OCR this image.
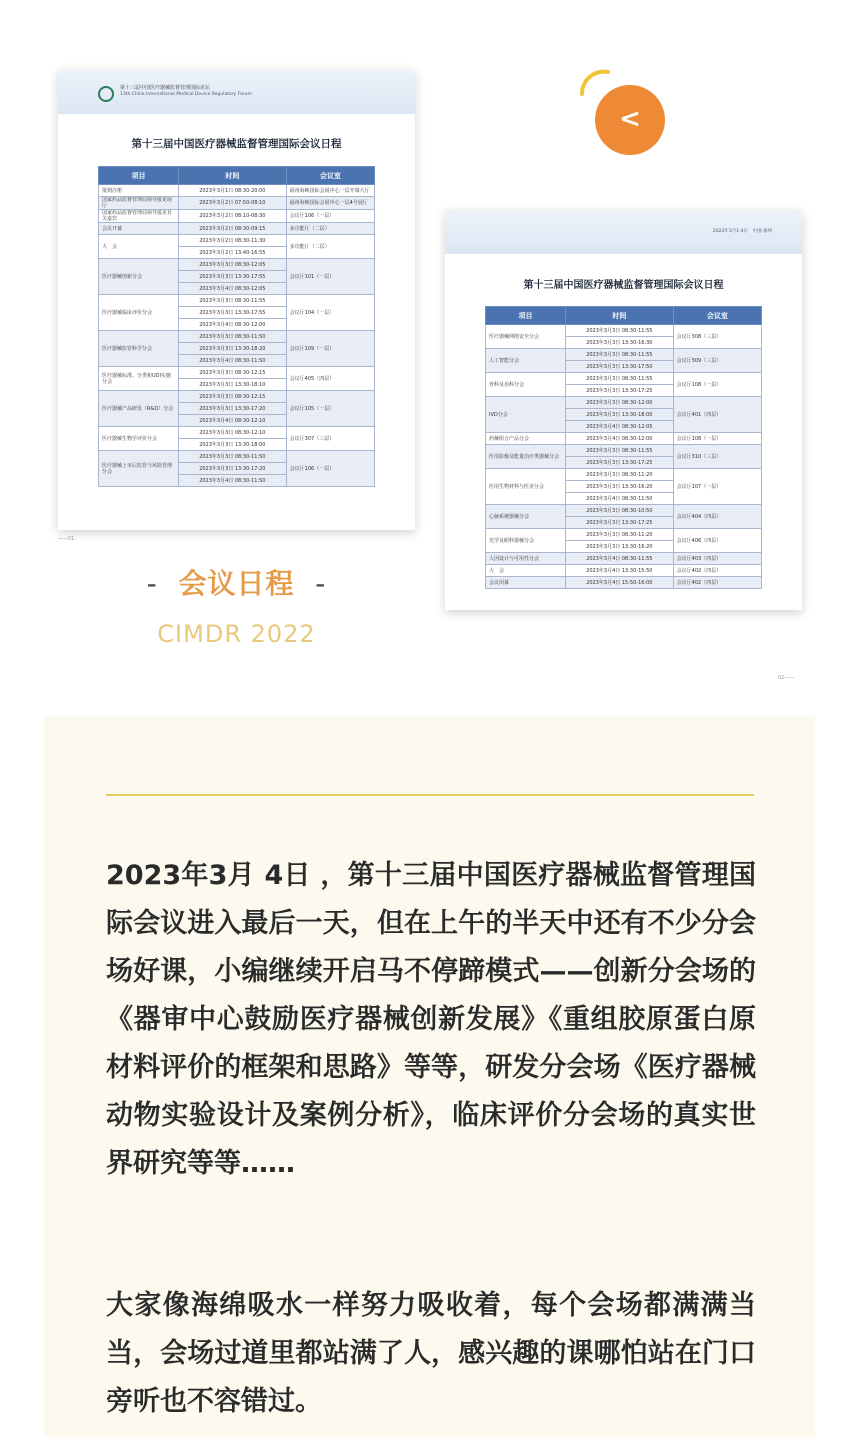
第十三届中国医疗器械监督管理国际论坛
13th China International Medical Device Regulatory Forum
第十三届中国医疗器械监督管理国际会议日程
项目	时间	会议室
报到注册	2023年3月1日 08:30-20:00	福州海峡国际会展中心一层开幕大厅
国家药品监督管理局领导接见展厅	2023年3月2日 07:50-08:10	福州海峡国际会展中心一层4号展厅
国家药品监督管理局领导接见有关嘉宾	2023年3月2日 08:10-08:30	会议厅106（一层）
会议开幕	2023年3月2日 08:30-09:15	多功能厅（二层）
大　会	2023年3月2日 08:30-11:30	多功能厅（二层）
	2023年3月2日 13:40-16:55	
医疗器械创新分会	2023年3月3日 08:30-12:05	会议厅101（一层）
	2023年3月3日 13:30-17:55	
	2023年3月4日 08:30-12:05	
医疗器械临床评价分会	2023年3月3日 08:30-11:55	会议厅104（一层）
	2023年3月3日 13:30-17:55	
	2023年3月4日 08:30-12:00	
医疗器械监管科学分会	2023年3月3日 08:30-11:50	会议厅109（一层）
	2023年3月3日 13:30-18:20	
	2023年3月4日 08:30-11:50	
医疗器械标准、分类和UDI实施分会	2023年3月3日 08:30-12:15	会议厅405（四层）
	2023年3月3日 13:30-18:10	
医疗器械产品研发（R&D）分会	2023年3月3日 08:30-12:15	会议厅105（一层）
	2023年3月3日 13:30-17:20	
	2023年3月4日 08:30-12:10	
医疗器械生物学评价分会	2023年3月3日 08:30-12:10	会议厅307（三层）
	2023年3月3日 13:30-18:00	
医疗器械上市后监管与风险管理分会	2023年3月3日 08:30-11:50	会议厅106（一层）
	2023年3月3日 13:30-17:20	
	2023年3月4日 08:30-11:50	
——01
2023年3月1-4日　中国·福州
第十三届中国医疗器械监督管理国际会议日程
项目	时间	会议室
医疗器械网络安全分会	2023年3月3日 08:30-11:55	会议厅308（三层）
	2023年3月3日 13:30-16:30	
人工智能分会	2023年3月3日 08:30-11:55	会议厅309（三层）
	2023年3月3日 13:30-17:50	
骨科及齿科分会	2023年3月3日 08:30-11:55	会议厅108（一层）
	2023年3月3日 13:30-17:25	
IVD分会	2023年3月3日 08:30-12:00	会议厅401（四层）
	2023年3月3日 13:30-18:00	
	2023年3月4日 08:30-12:05	
药械组合产品分会	2023年3月4日 08:30-12:00	会议厅108（一层）
医用影像及能量治疗类器械分会	2023年3月3日 08:30-11:55	会议厅310（三层）
	2023年3月3日 13:30-17:25	
医用生物材料与医美分会	2023年3月3日 08:30-11:20	会议厅107（一层）
	2023年3月3日 13:30-16:20	
	2023年3月4日 08:30-11:50	
心脑系统器械分会	2023年3月3日 08:30-10:50	会议厅404（四层）
	2023年3月3日 13:30-17:25	
光学及眼科器械分会	2023年3月3日 08:30-11:20	会议厅406（四层）
	2023年3月3日 13:30-16:20	
人因设计与可用性分会	2023年3月4日 08:30-11:55	会议厅403（四层）
大　会	2023年3月4日 13:30-15:50	会议厅402（四层）
会议闭幕	2023年3月4日 15:50-16:00	会议厅402（四层）
02——
<
- 会议日程 -
CIMDR 2022

2023年3月 4日 ，第十三届中国医疗器械监督管理国际会议进入最后一天，但在上午的半天中还有不少分会场好课，小编继续开启马不停蹄模式——创新分会场的《器审中心鼓励医疗器械创新发展》《重组胶原蛋白原材料评价的框架和思路》等等，研发分会场《医疗器械动物实验设计及案例分析》，临床评价分会场的真实世界研究等等……

大家像海绵吸水一样努力吸收着，每个会场都满满当当，会场过道里都站满了人，感兴趣的课哪怕站在门口旁听也不容错过。
